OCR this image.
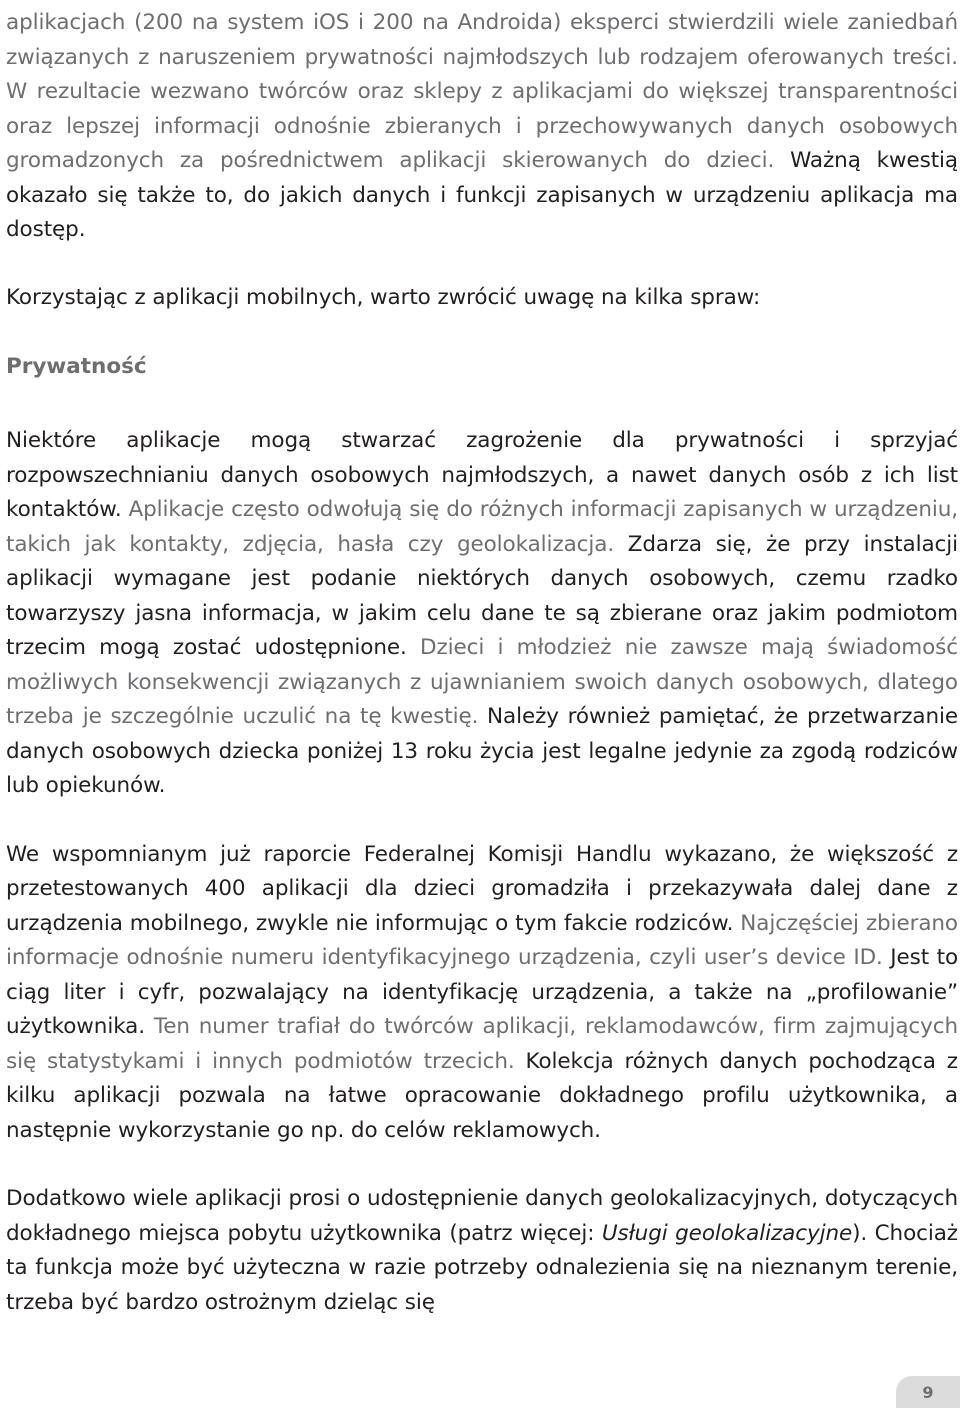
aplikacjach (200 na system iOS i 200 na Androida) eksperci stwierdzili wiele zaniedbań związanych z naruszeniem prywatności najmłodszych lub rodzajem oferowanych treści. W rezultacie wezwano twórców oraz sklepy z aplikacjami do większej transparentności oraz lepszej informacji odnośnie zbieranych i przechowywanych danych osobowych gromadzonych za pośrednictwem aplikacji skierowanych do dzieci. Ważną kwestią okazało się także to, do jakich danych i funkcji zapisanych w urządzeniu aplikacja ma dostęp.

Korzystając z aplikacji mobilnych, warto zwrócić uwagę na kilka spraw:

Prywatność

Niektóre aplikacje mogą stwarzać zagrożenie dla prywatności i sprzyjać rozpowszechnianiu danych osobowych najmłodszych, a nawet danych osób z ich list kontaktów. Aplikacje często odwołują się do różnych informacji zapisanych w urządzeniu, takich jak kontakty, zdjęcia, hasła czy geolokalizacja. Zdarza się, że przy instalacji aplikacji wymagane jest podanie niektórych danych osobowych, czemu rzadko towarzyszy jasna informacja, w jakim celu dane te są zbierane oraz jakim podmiotom trzecim mogą zostać udostępnione. Dzieci i młodzież nie zawsze mają świadomość możliwych konsekwencji związanych z ujawnianiem swoich danych osobowych, dlatego trzeba je szczególnie uczulić na tę kwestię. Należy również pamiętać, że przetwarzanie danych osobowych dziecka poniżej 13 roku życia jest legalne jedynie za zgodą rodziców lub opiekunów.

We wspomnianym już raporcie Federalnej Komisji Handlu wykazano, że większość z przetestowanych 400 aplikacji dla dzieci gromadziła i przekazywała dalej dane z urządzenia mobilnego, zwykle nie informując o tym fakcie rodziców. Najczęściej zbierano informacje odnośnie numeru identyfikacyjnego urządzenia, czyli user’s device ID. Jest to ciąg liter i cyfr, pozwalający na identyfikację urządzenia, a także na „profilowanie” użytkownika. Ten numer trafiał do twórców aplikacji, reklamodawców, firm zajmujących się statystykami i innych podmiotów trzecich. Kolekcja różnych danych pochodząca z kilku aplikacji pozwala na łatwe opracowanie dokładnego profilu użytkownika, a następnie wykorzystanie go np. do celów reklamowych.

Dodatkowo wiele aplikacji prosi o udostępnienie danych geolokalizacyjnych, dotyczących dokładnego miejsca pobytu użytkownika (patrz więcej: Usługi geolokalizacyjne). Chociaż ta funkcja może być użyteczna w razie potrzeby odnalezienia się na nieznanym terenie, trzeba być bardzo ostrożnym dzieląc się

9
